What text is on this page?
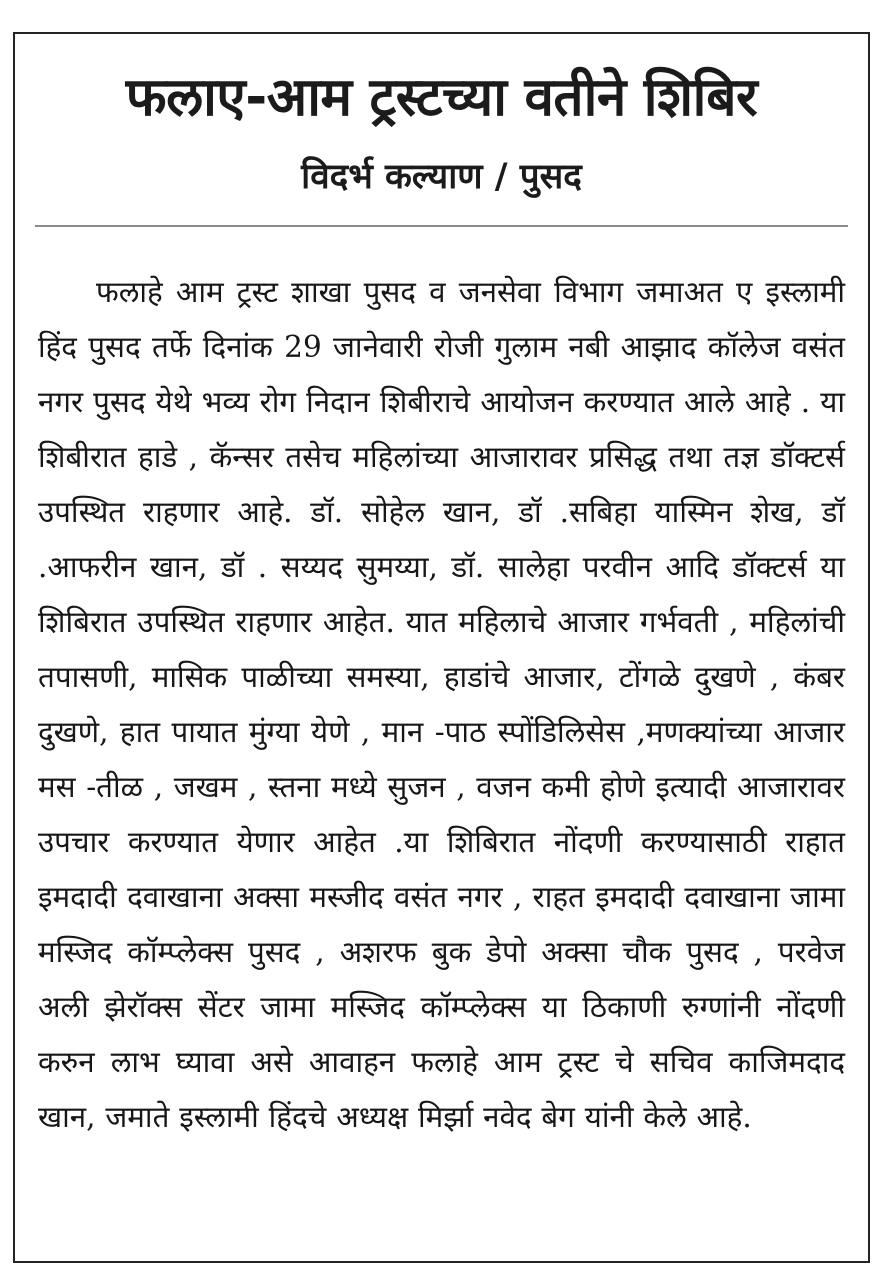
फलाए-आम ट्रस्टच्या वतीने शिबिर
विदर्भ कल्याण / पुसद

फलाहे आम ट्रस्ट शाखा पुसद व जनसेवा विभाग जमाअत ए इस्लामी हिंद पुसद तर्फे दिनांक 29 जानेवारी रोजी गुलाम नबी आझाद कॉलेज वसंत नगर पुसद येथे भव्य रोग निदान शिबीराचे आयोजन करण्यात आले आहे . या शिबीरात हाडे , कॅन्सर तसेच महिलांच्या आजारावर प्रसिद्ध तथा तज्ञ डॉक्टर्स उपस्थित राहणार आहे. डॉ. सोहेल खान, डॉ .सबिहा यास्मिन शेख, डॉ .आफरीन खान, डॉ . सय्यद सुमय्या, डॉ. सालेहा परवीन आदि डॉक्टर्स या शिबिरात उपस्थित राहणार आहेत. यात महिलाचे आजार गर्भवती , महिलांची तपासणी, मासिक पाळीच्या समस्या, हाडांचे आजार, टोंगळे दुखणे , कंबर दुखणे, हात पायात मुंग्या येणे , मान -पाठ स्पोंडिलिसेस ,मणक्यांच्या आजार मस -तीळ , जखम , स्तना मध्ये सुजन , वजन कमी होणे इत्यादी आजारावर उपचार करण्यात येणार आहेत .या शिबिरात नोंदणी करण्यासाठी राहात इमदादी दवाखाना अक्सा मस्जीद वसंत नगर , राहत इमदादी दवाखाना जामा मस्जिद कॉम्प्लेक्स पुसद , अशरफ बुक डेपो अक्सा चौक पुसद , परवेज अली झेरॉक्स सेंटर जामा मस्जिद कॉम्प्लेक्स या ठिकाणी रुग्णांनी नोंदणी करुन लाभ घ्यावा असे आवाहन फलाहे आम ट्रस्ट चे सचिव काजिमदाद खान, जमाते इस्लामी हिंदचे अध्यक्ष मिर्झा नवेद बेग यांनी केले आहे.
